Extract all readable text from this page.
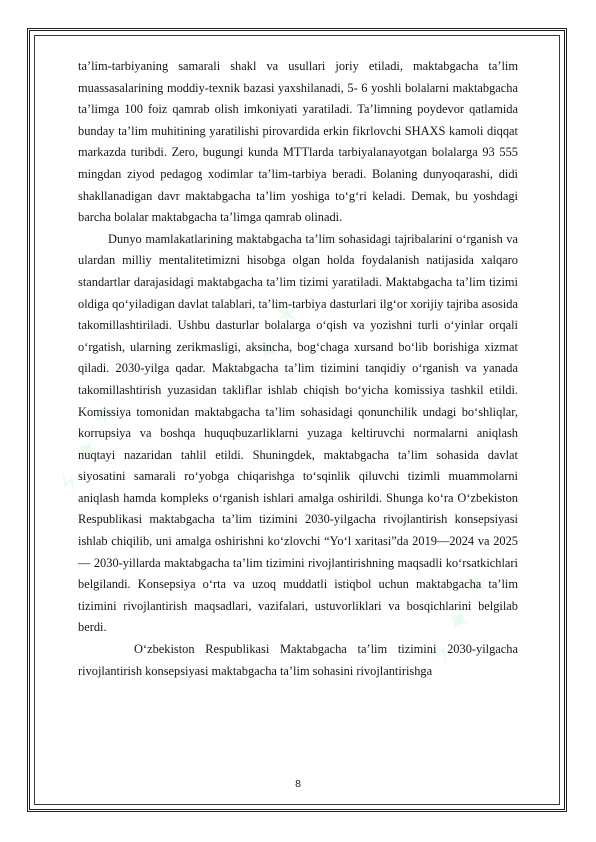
⚡ ✦ ✶
⚡ ✦ ✶
⚡ ✦ ✶

ta’lim-tarbiyaning samarali shakl va usullari joriy etiladi, maktabgacha ta’lim muassasalarining moddiy-texnik bazasi yaxshilanadi, 5- 6 yoshli bolalarni maktabgacha ta’limga 100 foiz qamrab olish imkoniyati yaratiladi. Ta’limning poydevor qatlamida bunday ta’lim muhitining yaratilishi pirovardida erkin fikrlovchi SHAXS kamoli diqqat markazda turibdi. Zero, bugungi kunda MTTlarda tarbiyalanayotgan bolalarga 93 555 mingdan ziyod pedagog xodimlar ta’lim-tarbiya beradi. Bolaning dunyoqarashi, didi shakllanadigan davr maktabgacha ta’lim yoshiga to‘g‘ri keladi. Demak, bu yoshdagi barcha bolalar maktabgacha ta’limga qamrab olinadi.

Dunyo mamlakatlarining maktabgacha ta’lim sohasidagi tajribalarini o‘rganish va ulardan milliy mentalitetimizni hisobga olgan holda foydalanish natijasida xalqaro standartlar darajasidagi maktabgacha ta’lim tizimi yaratiladi. Maktabgacha ta’lim tizimi oldiga qo‘yiladigan davlat talablari, ta’lim-tarbiya dasturlari ilg‘or xorijiy tajriba asosida takomillashtiriladi. Ushbu dasturlar bolalarga o‘qish va yozishni turli o‘yinlar orqali o‘rgatish, ularning zerikmasligi, aksincha, bog‘chaga xursand bo‘lib borishiga xizmat qiladi. 2030-yilga qadar. Maktabgacha ta’lim tizimini tanqidiy o‘rganish va yanada takomillashtirish yuzasidan takliflar ishlab chiqish bo‘yicha komissiya tashkil etildi. Komissiya tomonidan maktabgacha ta’lim sohasidagi qonunchilik undagi bo‘shliqlar, korrupsiya va boshqa huquqbuzarliklarni yuzaga keltiruvchi normalarni aniqlash nuqtayi nazaridan tahlil etildi. Shuningdek, maktabgacha ta’lim sohasida davlat siyosatini samarali ro‘yobga chiqarishga to‘sqinlik qiluvchi tizimli muammolarni aniqlash hamda kompleks o‘rganish ishlari amalga oshirildi. Shunga ko‘ra O‘zbekiston Respublikasi maktabgacha ta’lim tizimini 2030-yilgacha rivojlantirish konsepsiyasi ishlab chiqilib, uni amalga oshirishni ko‘zlovchi “Yo‘l xaritasi”da 2019—2024 va 2025— 2030-yillarda maktabgacha ta’lim tizimini rivojlantirishning maqsadli ko‘rsatkichlari belgilandi. Konsepsiya o‘rta va uzoq muddatli istiqbol uchun maktabgacha ta’lim tizimini rivojlantirish maqsadlari, vazifalari, ustuvorliklari va bosqichlarini belgilab berdi.

O‘zbekiston Respublikasi Maktabgacha ta’lim tizimini 2030-yilgacha rivojlantirish konsepsiyasi maktabgacha ta’lim sohasini rivojlantirishga

8
